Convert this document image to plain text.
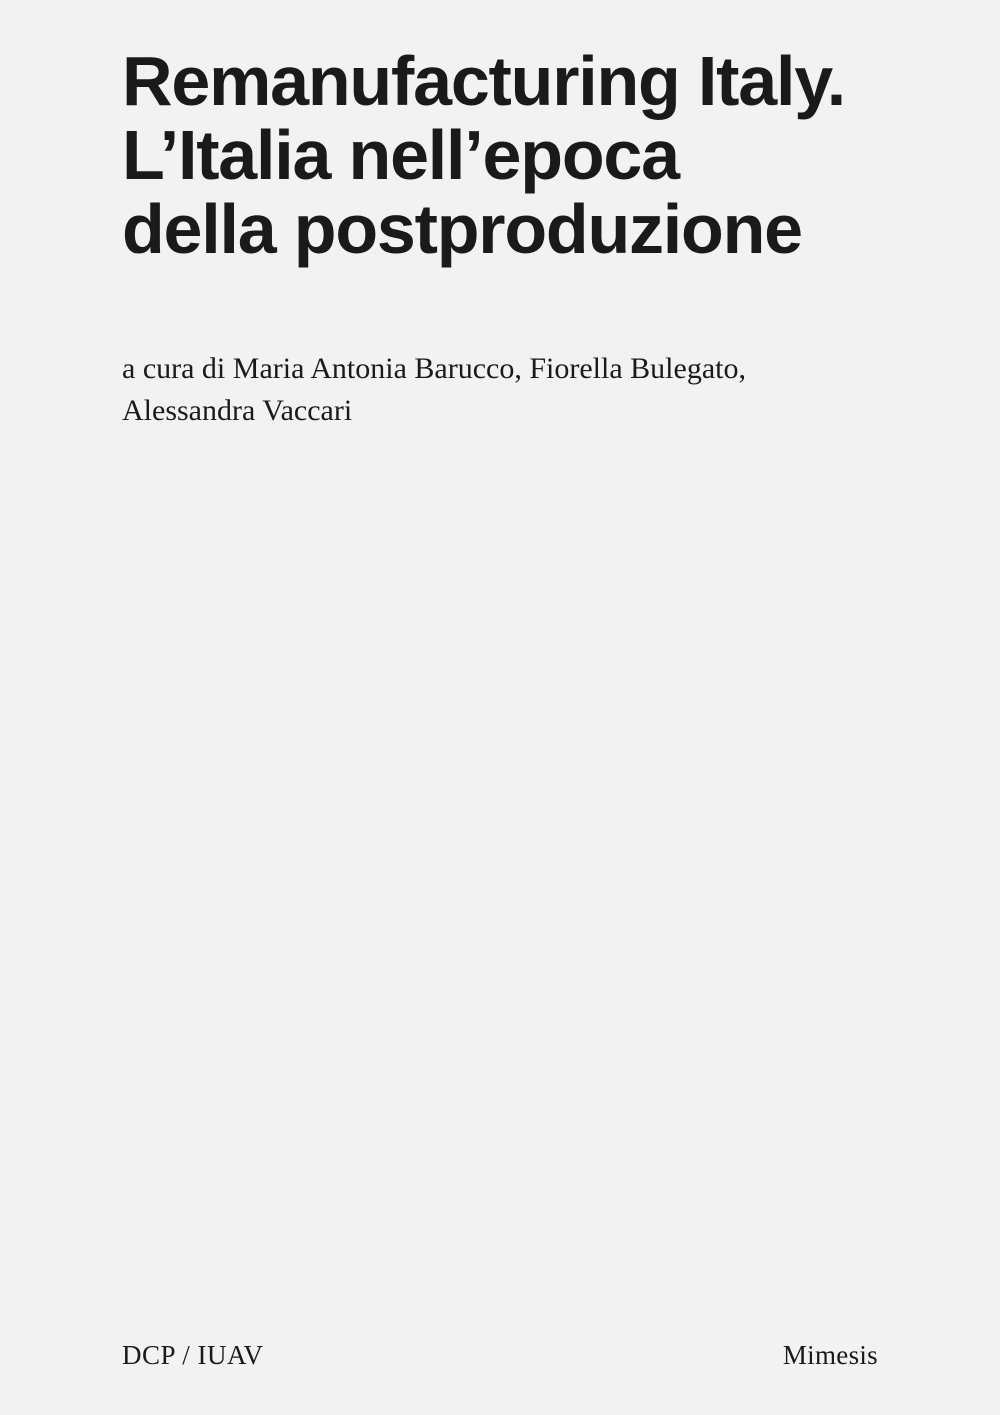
Remanufacturing Italy.
L’Italia nell’epoca
della postproduzione
a cura di Maria Antonia Barucco, Fiorella Bulegato,
Alessandra Vaccari
DCP / IUAV	Mimesis
